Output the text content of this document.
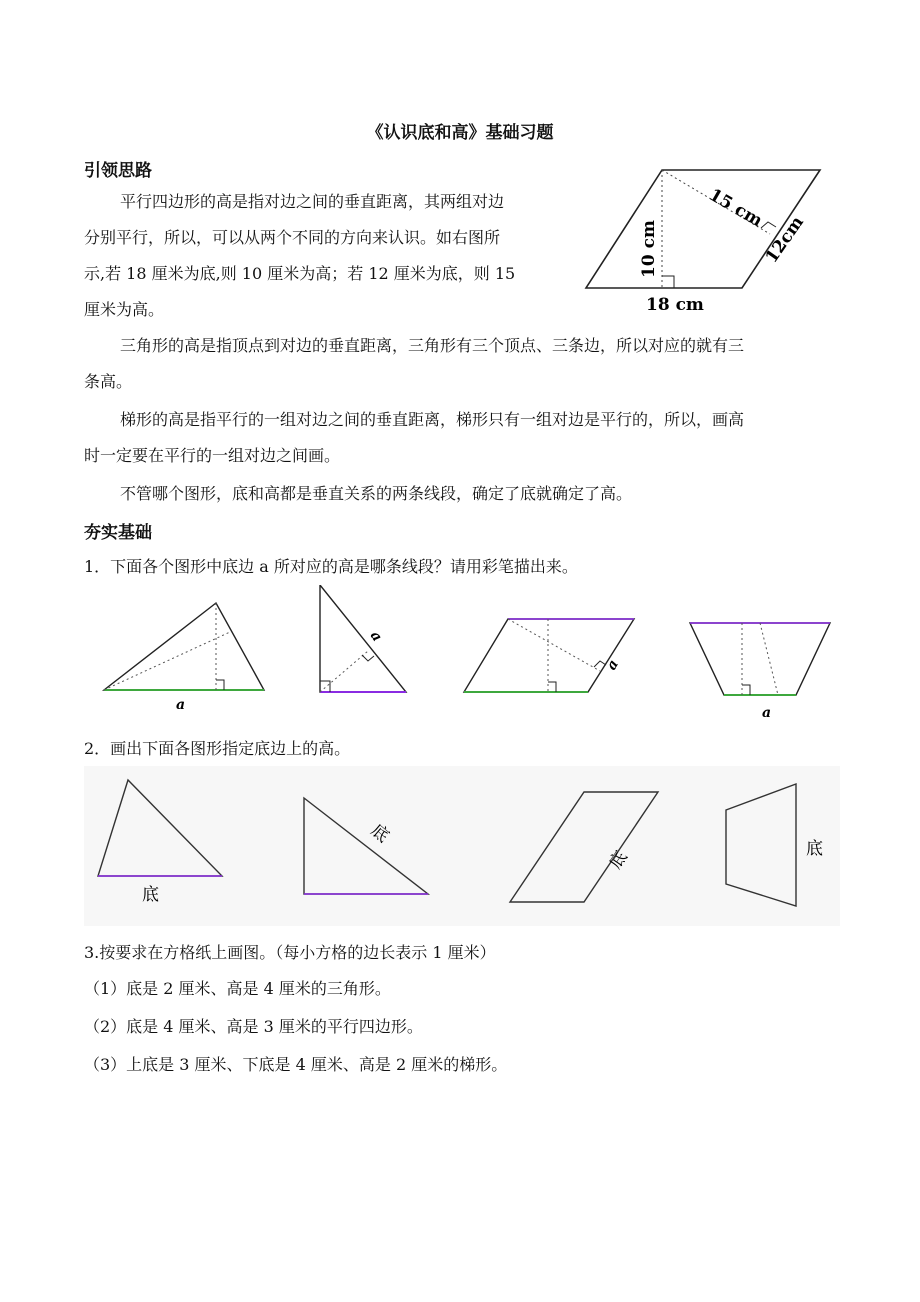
《认识底和高》基础习题
引领思路
平行四边形的高是指对边之间的垂直距离，其两组对边
分别平行，所以，可以从两个不同的方向来认识。如右图所
示,若 18 厘米为底,则 10 厘米为高；若 12 厘米为底，则 15
厘米为高。
15 cm
10 cm	12cm
18 cm
三角形的高是指顶点到对边的垂直距离，三角形有三个顶点、三条边，所以对应的就有三
条高。
梯形的高是指平行的一组对边之间的垂直距离，梯形只有一组对边是平行的，所以，画高
时一定要在平行的一组对边之间画。
不管哪个图形，底和高都是垂直关系的两条线段，确定了底就确定了高。
夯实基础
1．下面各个图形中底边 a 所对应的高是哪条线段？请用彩笔描出来。
a
a
a
a
2．画出下面各图形指定底边上的高。
底
底
底	底
3.按要求在方格纸上画图。（每小方格的边长表示 1 厘米）
（1）底是 2 厘米、高是 4 厘米的三角形。
（2）底是 4 厘米、高是 3 厘米的平行四边形。
（3）上底是 3 厘米、下底是 4 厘米、高是 2 厘米的梯形。
